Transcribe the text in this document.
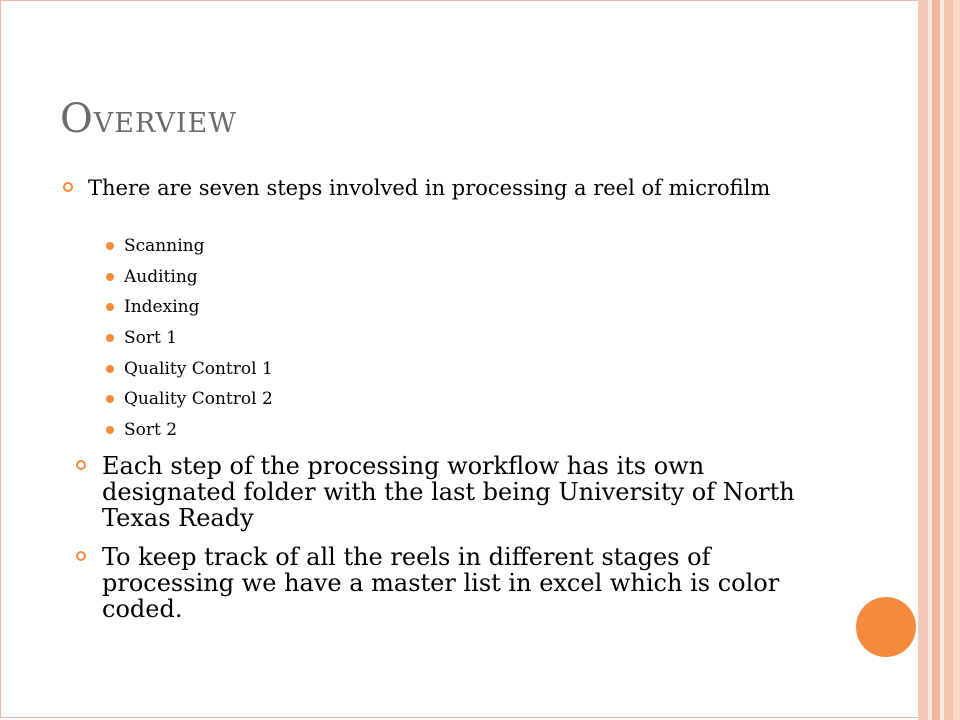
OVERVIEW
There are seven steps involved in processing a reel of microfilm
Scanning
Auditing
Indexing
Sort 1
Quality Control 1
Quality Control 2
Sort 2
Each step of the processing workflow has its own designated folder with the last being University of North Texas Ready
To keep track of all the reels in different stages of processing we have a master list in excel which is color coded.
